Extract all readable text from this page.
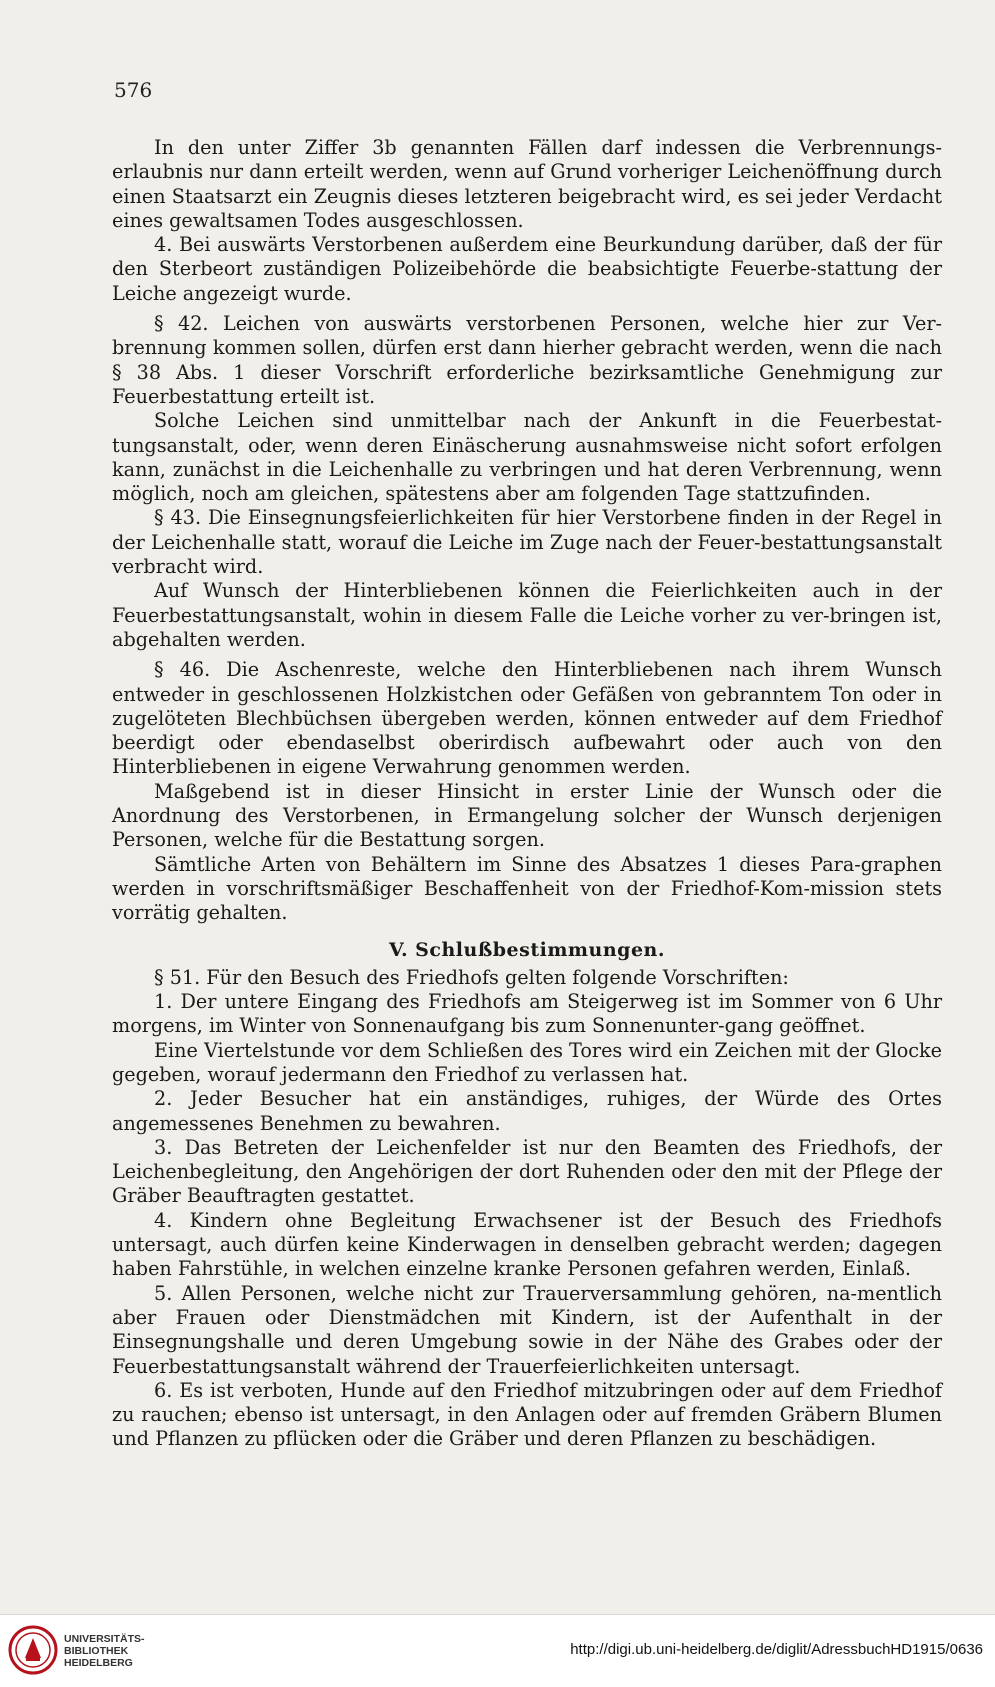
576

In den unter Ziffer 3b genannten Fällen darf indessen die Verbrennungs-erlaubnis nur dann erteilt werden, wenn auf Grund vorheriger Leichenöffnung durch einen Staatsarzt ein Zeugnis dieses letzteren beigebracht wird, es sei jeder Verdacht eines gewaltsamen Todes ausgeschlossen.

4. Bei auswärts Verstorbenen außerdem eine Beurkundung darüber, daß der für den Sterbeort zuständigen Polizeibehörde die beabsichtigte Feuerbe-stattung der Leiche angezeigt wurde.

§ 42. Leichen von auswärts verstorbenen Personen, welche hier zur Ver-brennung kommen sollen, dürfen erst dann hierher gebracht werden, wenn die nach § 38 Abs. 1 dieser Vorschrift erforderliche bezirksamtliche Genehmigung zur Feuerbestattung erteilt ist.

Solche Leichen sind unmittelbar nach der Ankunft in die Feuerbestat-tungsanstalt, oder, wenn deren Einäscherung ausnahmsweise nicht sofort erfolgen kann, zunächst in die Leichenhalle zu verbringen und hat deren Verbrennung, wenn möglich, noch am gleichen, spätestens aber am folgenden Tage stattzufinden.

§ 43. Die Einsegnungsfeierlichkeiten für hier Verstorbene finden in der Regel in der Leichenhalle statt, worauf die Leiche im Zuge nach der Feuer-bestattungsanstalt verbracht wird.

Auf Wunsch der Hinterbliebenen können die Feierlichkeiten auch in der Feuerbestattungsanstalt, wohin in diesem Falle die Leiche vorher zu ver-bringen ist, abgehalten werden.

§ 46. Die Aschenreste, welche den Hinterbliebenen nach ihrem Wunsch entweder in geschlossenen Holzkistchen oder Gefäßen von gebranntem Ton oder in zugelöteten Blechbüchsen übergeben werden, können entweder auf dem Friedhof beerdigt oder ebendaselbst oberirdisch aufbewahrt oder auch von den Hinterbliebenen in eigene Verwahrung genommen werden.

Maßgebend ist in dieser Hinsicht in erster Linie der Wunsch oder die Anordnung des Verstorbenen, in Ermangelung solcher der Wunsch derjenigen Personen, welche für die Bestattung sorgen.

Sämtliche Arten von Behältern im Sinne des Absatzes 1 dieses Para-graphen werden in vorschriftsmäßiger Beschaffenheit von der Friedhof-Kom-mission stets vorrätig gehalten.

V. Schlußbestimmungen.

§ 51. Für den Besuch des Friedhofs gelten folgende Vorschriften:

1. Der untere Eingang des Friedhofs am Steigerweg ist im Sommer von 6 Uhr morgens, im Winter von Sonnenaufgang bis zum Sonnenunter-gang geöffnet.

Eine Viertelstunde vor dem Schließen des Tores wird ein Zeichen mit der Glocke gegeben, worauf jedermann den Friedhof zu verlassen hat.

2. Jeder Besucher hat ein anständiges, ruhiges, der Würde des Ortes angemessenes Benehmen zu bewahren.

3. Das Betreten der Leichenfelder ist nur den Beamten des Friedhofs, der Leichenbegleitung, den Angehörigen der dort Ruhenden oder den mit der Pflege der Gräber Beauftragten gestattet.

4. Kindern ohne Begleitung Erwachsener ist der Besuch des Friedhofs untersagt, auch dürfen keine Kinderwagen in denselben gebracht werden; dagegen haben Fahrstühle, in welchen einzelne kranke Personen gefahren werden, Einlaß.

5. Allen Personen, welche nicht zur Trauerversammlung gehören, na-mentlich aber Frauen oder Dienstmädchen mit Kindern, ist der Aufenthalt in der Einsegnungshalle und deren Umgebung sowie in der Nähe des Grabes oder der Feuerbestattungsanstalt während der Trauerfeierlichkeiten untersagt.

6. Es ist verboten, Hunde auf den Friedhof mitzubringen oder auf dem Friedhof zu rauchen; ebenso ist untersagt, in den Anlagen oder auf fremden Gräbern Blumen und Pflanzen zu pflücken oder die Gräber und deren Pflanzen zu beschädigen.

UNIVERSITÄTS-
BIBLIOTHEK
HEIDELBERG
http://digi.ub.uni-heidelberg.de/diglit/AdressbuchHD1915/0636
